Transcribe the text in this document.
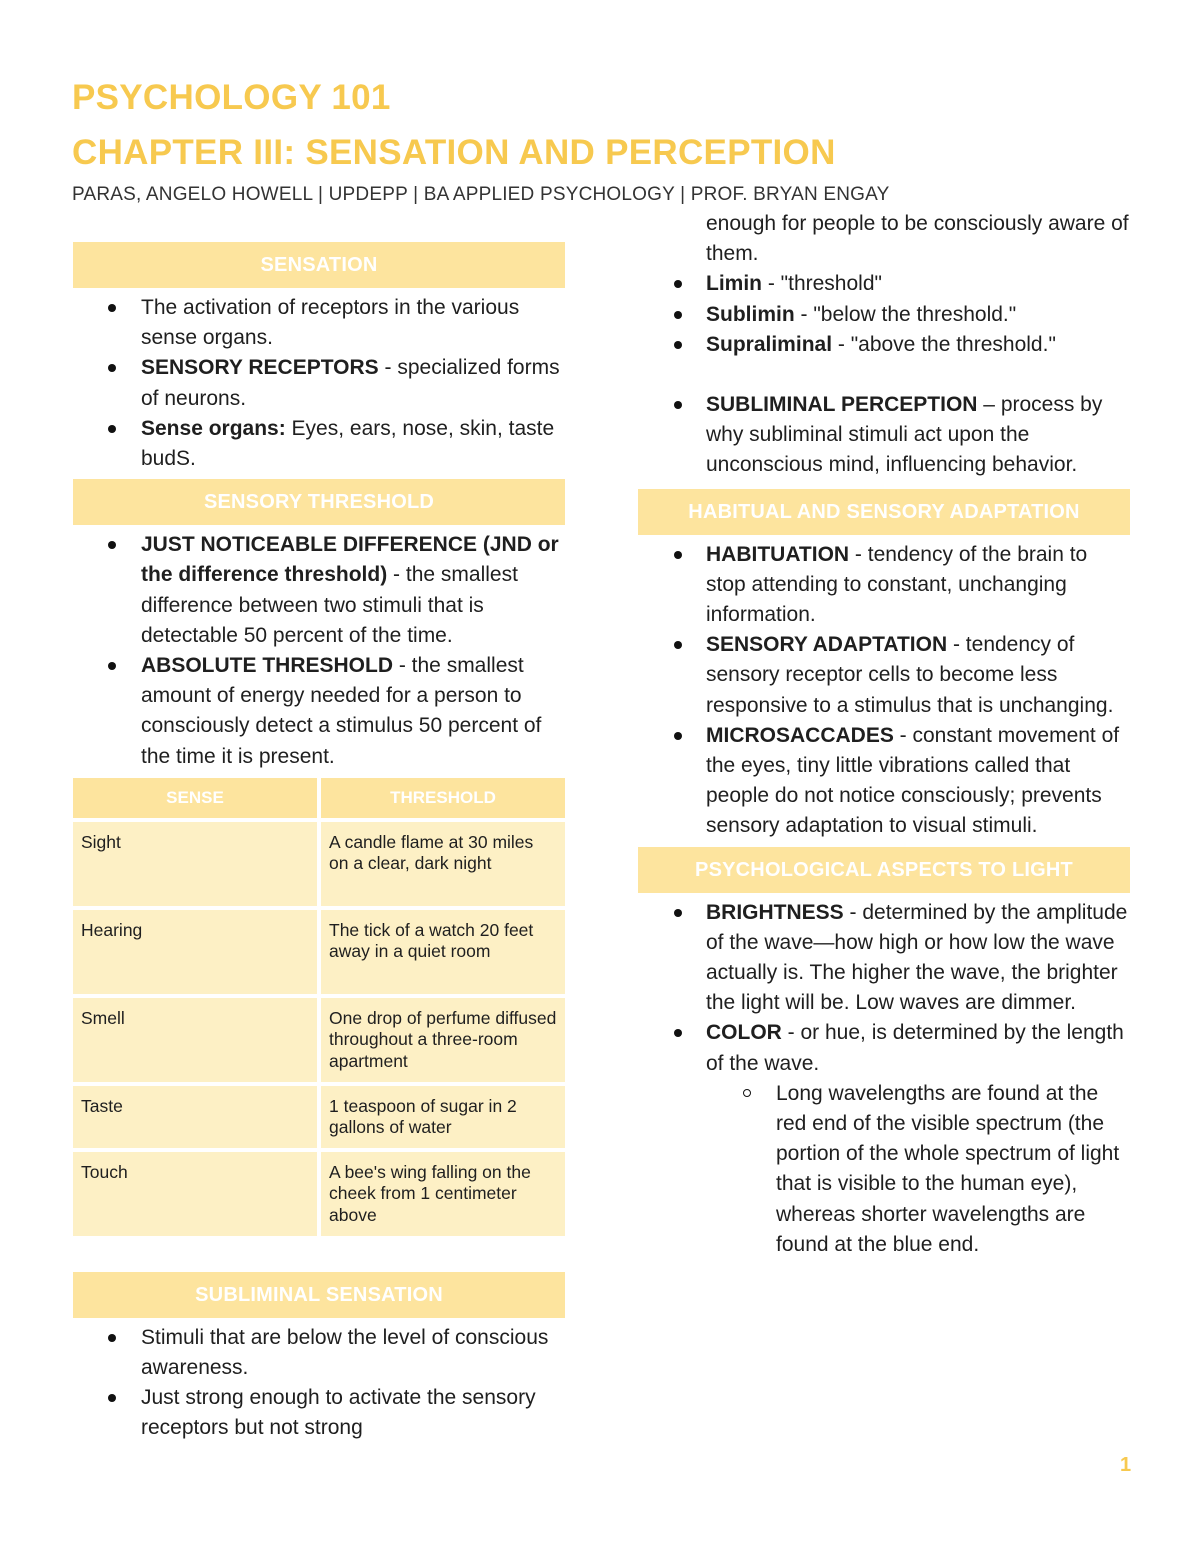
PSYCHOLOGY 101
CHAPTER III: SENSATION AND PERCEPTION
PARAS, ANGELO HOWELL | UPDEPP | BA APPLIED PSYCHOLOGY | PROF. BRYAN ENGAY
SENSATION
The activation of receptors in the various sense organs.
SENSORY RECEPTORS - specialized forms of neurons.
Sense organs: Eyes, ears, nose, skin, taste budS.
SENSORY THRESHOLD
JUST NOTICEABLE DIFFERENCE (JND or the difference threshold) - the smallest difference between two stimuli that is detectable 50 percent of the time.
ABSOLUTE THRESHOLD - the smallest amount of energy needed for a person to consciously detect a stimulus 50 percent of the time it is present.
SENSE	THRESHOLD
Sight	A candle flame at 30 miles on a clear, dark night
Hearing	The tick of a watch 20 feet away in a quiet room
Smell	One drop of perfume diffused throughout a three-room apartment
Taste	1 teaspoon of sugar in 2 gallons of water
Touch	A bee's wing falling on the cheek from 1 centimeter above
SUBLIMINAL SENSATION
Stimuli that are below the level of conscious awareness.
Just strong enough to activate the sensory receptors but not strong
enough for people to be consciously aware of them.
Limin - "threshold"
Sublimin - "below the threshold."
Supraliminal - "above the threshold."
SUBLIMINAL PERCEPTION – process by why subliminal stimuli act upon the unconscious mind, influencing behavior.
HABITUAL AND SENSORY ADAPTATION
HABITUATION - tendency of the brain to stop attending to constant, unchanging information.
SENSORY ADAPTATION - tendency of sensory receptor cells to become less responsive to a stimulus that is unchanging.
MICROSACCADES - constant movement of the eyes, tiny little vibrations called that people do not notice consciously; prevents sensory adaptation to visual stimuli.
PSYCHOLOGICAL ASPECTS TO LIGHT
BRIGHTNESS - determined by the amplitude of the wave—how high or how low the wave actually is. The higher the wave, the brighter the light will be. Low waves are dimmer.
COLOR - or hue, is determined by the length of the wave.
Long wavelengths are found at the red end of the visible spectrum (the portion of the whole spectrum of light that is visible to the human eye), whereas shorter wavelengths are found at the blue end.
1
